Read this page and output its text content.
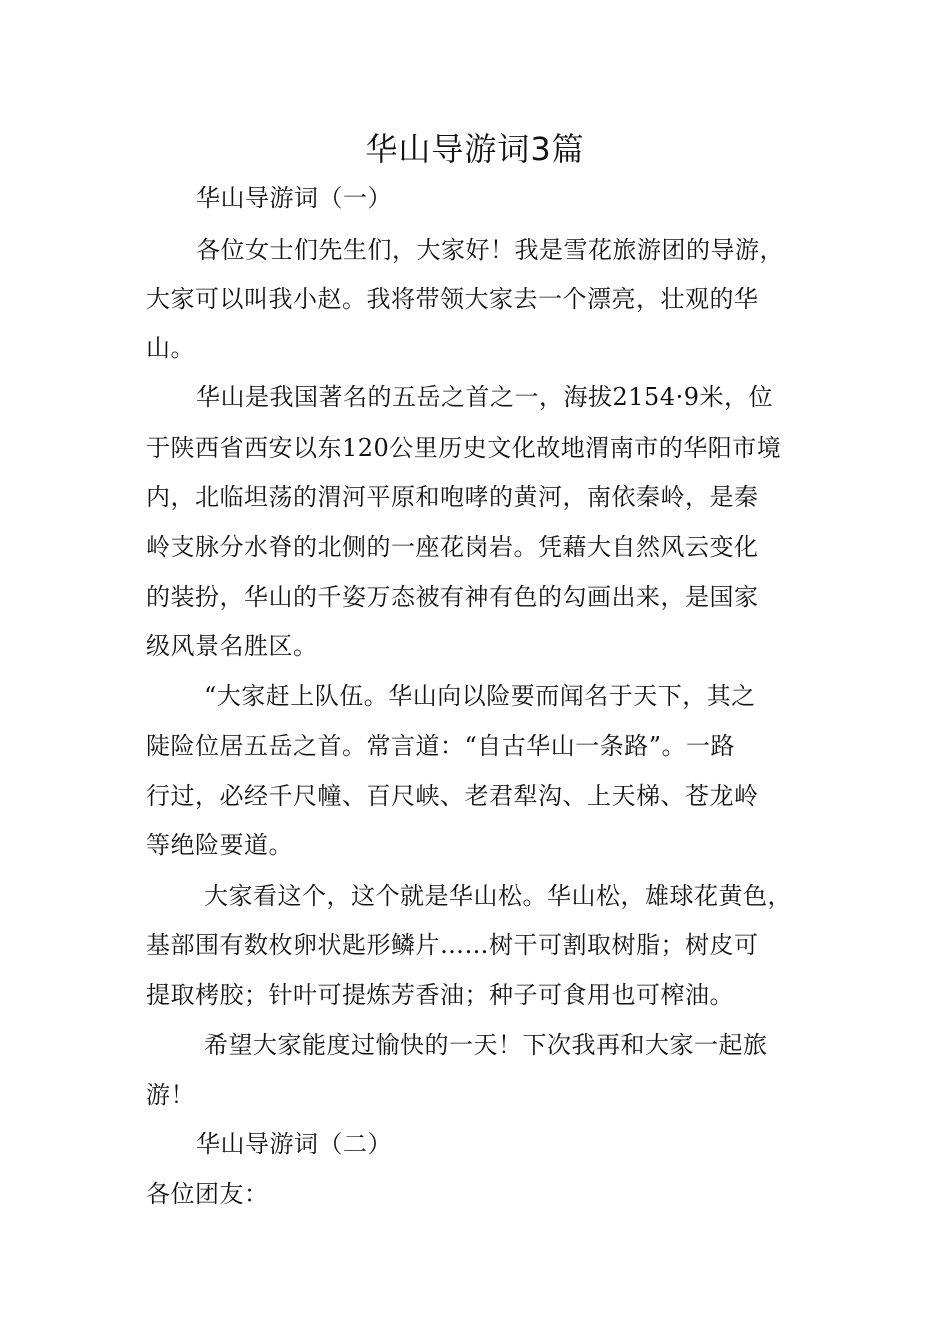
华山导游词3篇

华山导游词（一）

各位女士们先生们，大家好！我是雪花旅游团的导游，

大家可以叫我小赵。我将带领大家去一个漂亮，壮观的华

山。

华山是我国著名的五岳之首之一，海拔2154·9米，位

于陕西省西安以东120公里历史文化故地渭南市的华阳市境

内，北临坦荡的渭河平原和咆哮的黄河，南依秦岭，是秦

岭支脉分水脊的北侧的一座花岗岩。凭藉大自然风云变化

的装扮，华山的千姿万态被有神有色的勾画出来，是国家

级风景名胜区。

“大家赶上队伍。华山向以险要而闻名于天下，其之

陡险位居五岳之首。常言道：“自古华山一条路”。一路

行过，必经千尺幢、百尺峡、老君犁沟、上天梯、苍龙岭

等绝险要道。

大家看这个，这个就是华山松。华山松，雄球花黄色，

基部围有数枚卵状匙形鳞片……树干可割取树脂；树皮可

提取栲胶；针叶可提炼芳香油；种子可食用也可榨油。

希望大家能度过愉快的一天！下次我再和大家一起旅

游！

华山导游词（二）

各位团友：
